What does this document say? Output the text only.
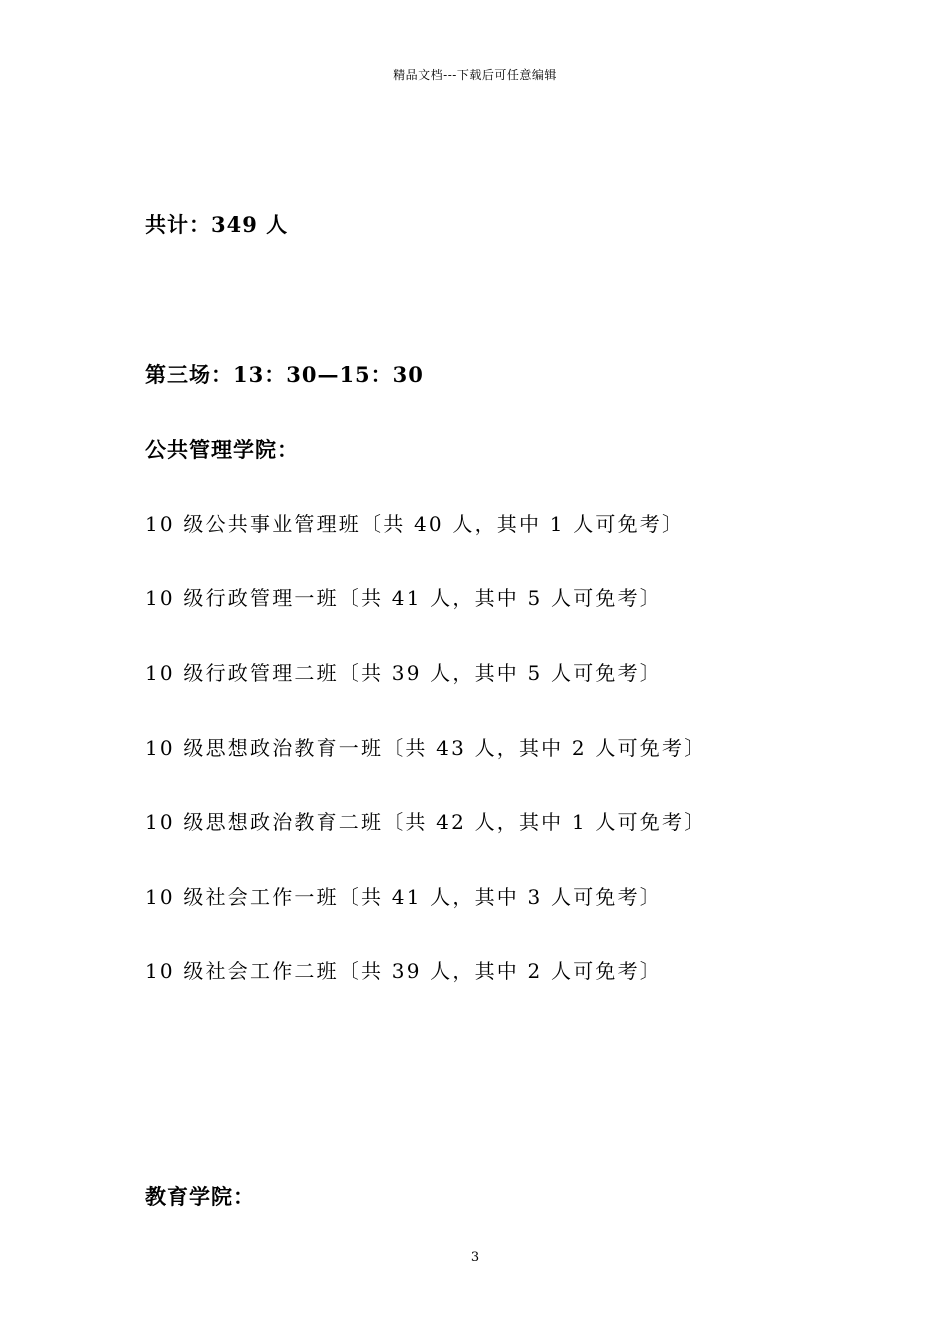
精品文档---下载后可任意编辑
共计：349 人
第三场：13：30—15：30
公共管理学院：
10 级公共事业管理班〔共 40 人，其中 1 人可免考〕
10 级行政管理一班〔共 41 人，其中 5 人可免考〕
10 级行政管理二班〔共 39 人，其中 5 人可免考〕
10 级思想政治教育一班〔共 43 人，其中 2 人可免考〕
10 级思想政治教育二班〔共 42 人，其中 1 人可免考〕
10 级社会工作一班〔共 41 人，其中 3 人可免考〕
10 级社会工作二班〔共 39 人，其中 2 人可免考〕
教育学院：
3
